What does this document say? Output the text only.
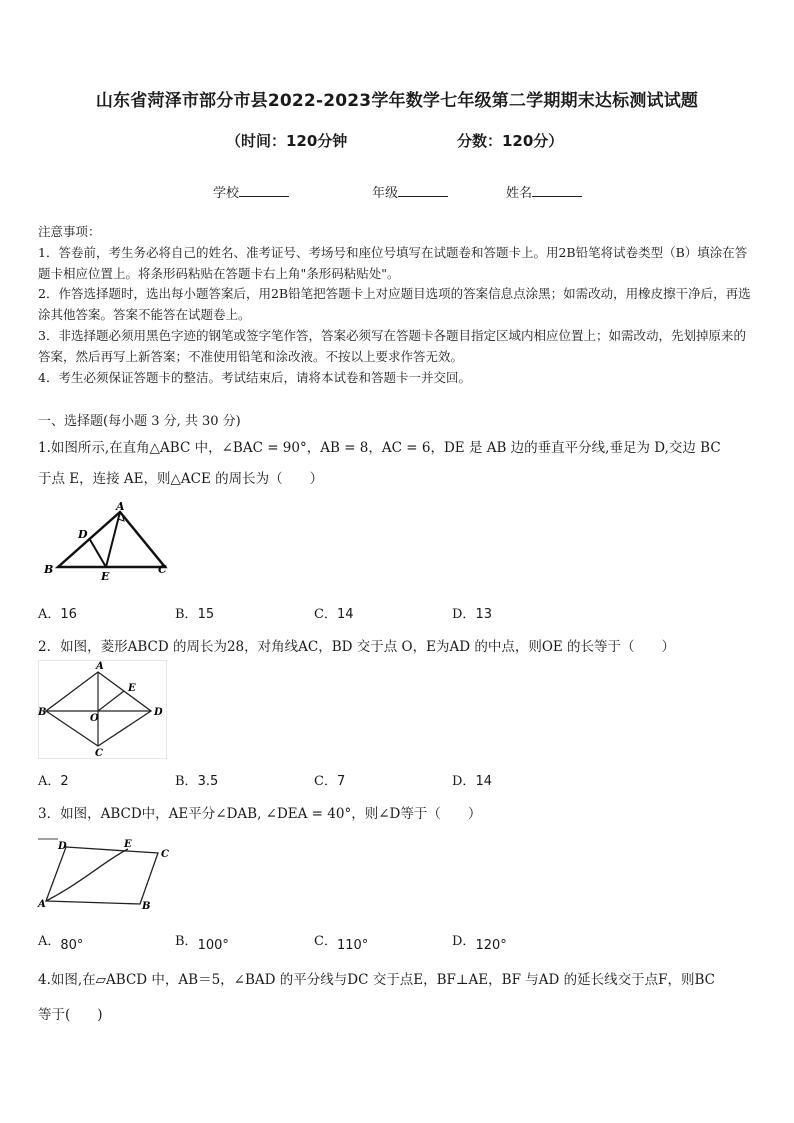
山东省菏泽市部分市县2022-2023学年数学七年级第二学期期末达标测试试题
（时间：120分钟	分数：120分）
学校	年级	姓名
注意事项：
1．答卷前，考生务必将自己的姓名、准考证号、考场号和座位号填写在试题卷和答题卡上。用2B铅笔将试卷类型（B）填涂在答题卡相应位置上。将条形码粘贴在答题卡右上角"条形码粘贴处"。
2．作答选择题时，选出每小题答案后，用2B铅笔把答题卡上对应题目选项的答案信息点涂黑；如需改动，用橡皮擦干净后，再选涂其他答案。答案不能答在试题卷上。
3．非选择题必须用黑色字迹的钢笔或签字笔作答，答案必须写在答题卡各题目指定区域内相应位置上；如需改动，先划掉原来的答案，然后再写上新答案；不准使用铅笔和涂改液。不按以上要求作答无效。
4．考生必须保证答题卡的整洁。考试结束后，请将本试卷和答题卡一并交回。
一、选择题(每小题 3 分, 共 30 分)
1.如图所示,在直角△ABC 中，∠BAC = 90°，AB = 8，AC = 6，DE 是 AB 边的垂直平分线,垂足为 D,交边 BC
于点 E，连接 AE，则△ACE 的周长为（　　）
A
D
B
E
C
A．16	B．15	C．14	D．13
2．如图，菱形ABCD 的周长为28，对角线AC，BD 交于点 O，E为AD 的中点，则OE 的长等于（　　）
A
E
B
O
D
C
A．2	B．3.5	C．7	D．14
3．如图，ABCD中，AE平分∠DAB, ∠DEA = 40°，则∠D等于（　　）
D	E
C
A	B
A．80°	B．100°	C．110°	D．120°
4.如图,在▱ABCD 中，AB＝5，∠BAD 的平分线与DC 交于点E，BF⊥AE，BF 与AD 的延长线交于点F，则BC
等于(　　)
